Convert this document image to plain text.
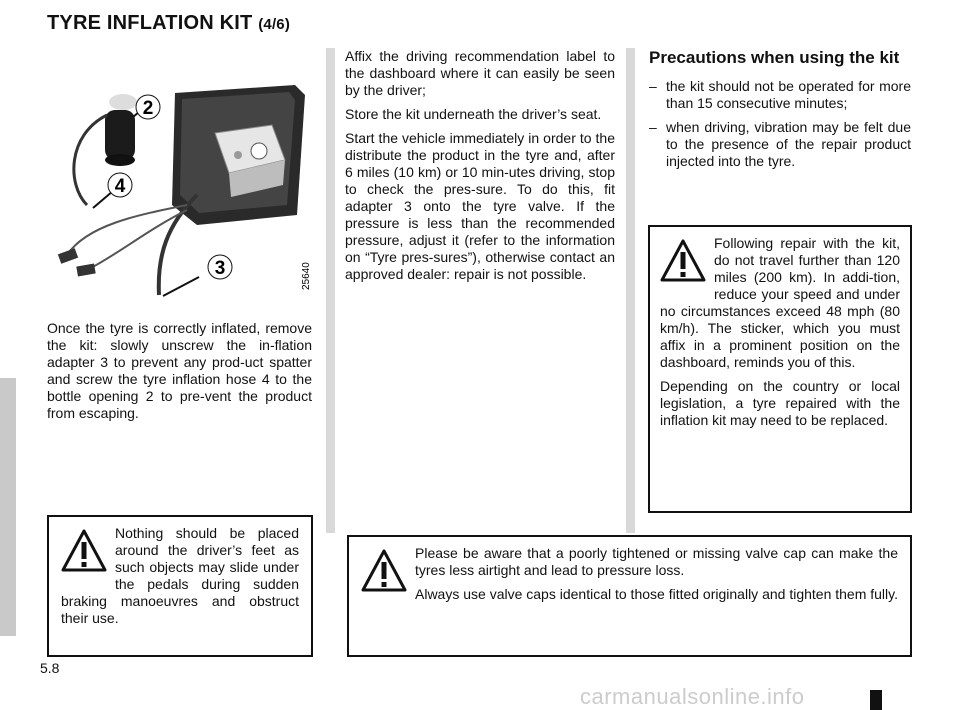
TYRE INFLATION KIT (4/6)
2
4
3	25640

Once the tyre is correctly inflated, remove the kit: slowly unscrew the in-flation adapter 3 to prevent any prod-uct spatter and screw the tyre inflation hose 4 to the bottle opening 2 to pre-vent the product from escaping.

Affix the driving recommendation label to the dashboard where it can easily be seen by the driver;

Store the kit underneath the driver’s seat.

Start the vehicle immediately in order to the distribute the product in the tyre and, after 6 miles (10 km) or 10 min-utes driving, stop to check the pres-sure. To do this, fit adapter 3 onto the tyre valve. If the pressure is less than the recommended pressure, adjust it (refer to the information on “Tyre pres-sures”), otherwise contact an approved dealer: repair is not possible.

Precautions when using the kit
– the kit should not be operated for more than 15 consecutive minutes;
– when driving, vibration may be felt due to the presence of the repair product injected into the tyre.

Following repair with the kit, do not travel further than 120 miles (200 km). In addi-tion, reduce your speed and under no circumstances exceed 48 mph (80 km/h). The sticker, which you must affix in a prominent position on the dashboard, reminds you of this.

Depending on the country or local legislation, a tyre repaired with the inflation kit may need to be replaced.

Nothing should be placed around the driver’s feet as such objects may slide under the pedals during sudden braking manoeuvres and obstruct their use.

Please be aware that a poorly tightened or missing valve cap can make the tyres less airtight and lead to pressure loss.

Always use valve caps identical to those fitted originally and tighten them fully.

5.8
carmanualsonline.info
